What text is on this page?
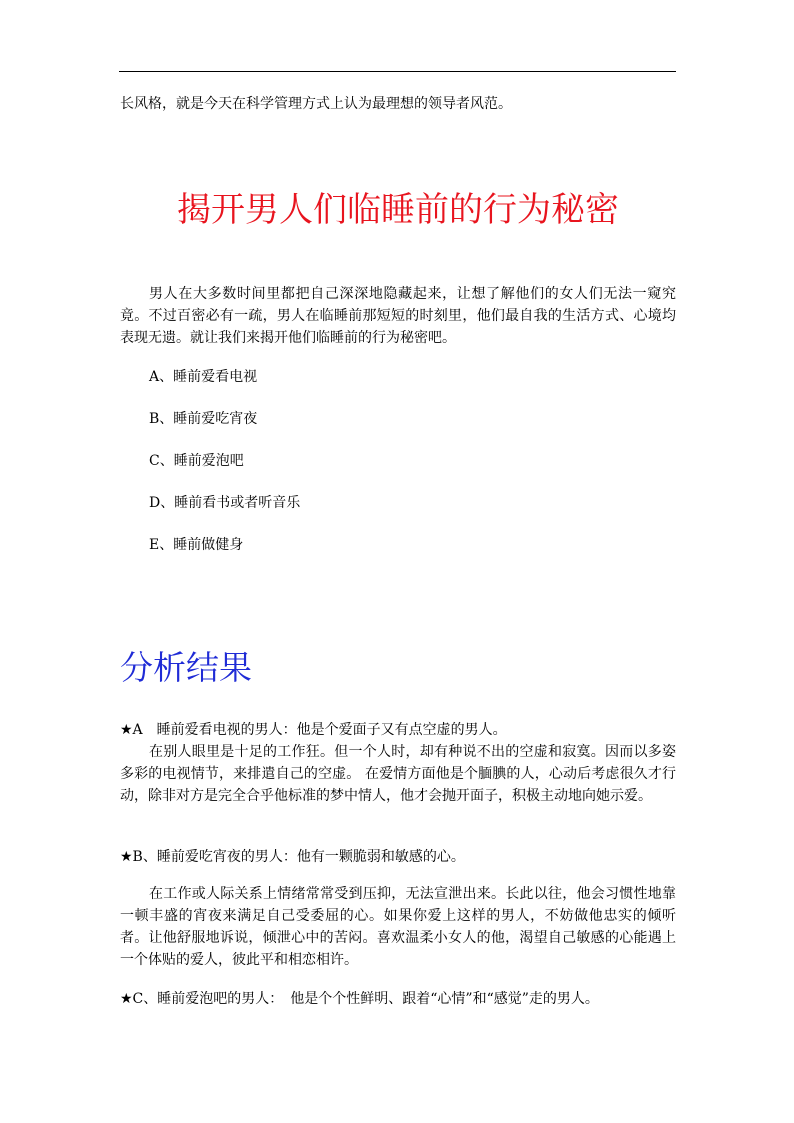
长风格，就是今天在科学管理方式上认为最理想的领导者风范。
揭开男人们临睡前的行为秘密
男人在大多数时间里都把自己深深地隐藏起来，让想了解他们的女人们无法一窥究竟。不过百密必有一疏，男人在临睡前那短短的时刻里，他们最自我的生活方式、心境均表现无遗。就让我们来揭开他们临睡前的行为秘密吧。
A、睡前爱看电视
B、睡前爱吃宵夜
C、睡前爱泡吧
D、睡前看书或者听音乐
E、睡前做健身
分析结果
★A　睡前爱看电视的男人：他是个爱面子又有点空虚的男人。
在别人眼里是十足的工作狂。但一个人时，却有种说不出的空虚和寂寞。因而以多姿多彩的电视情节，来排遣自己的空虚。 在爱情方面他是个腼腆的人，心动后考虑很久才行动，除非对方是完全合乎他标准的梦中情人，他才会抛开面子，积极主动地向她示爱。
★B、睡前爱吃宵夜的男人：他有一颗脆弱和敏感的心。
在工作或人际关系上情绪常常受到压抑，无法宣泄出来。长此以往，他会习惯性地靠一顿丰盛的宵夜来满足自己受委屈的心。如果你爱上这样的男人，不妨做他忠实的倾听者。让他舒服地诉说，倾泄心中的苦闷。喜欢温柔小女人的他，渴望自己敏感的心能遇上一个体贴的爱人，彼此平和相恋相许。
★C、睡前爱泡吧的男人：　他是个个性鲜明、跟着“心情”和“感觉”走的男人。
